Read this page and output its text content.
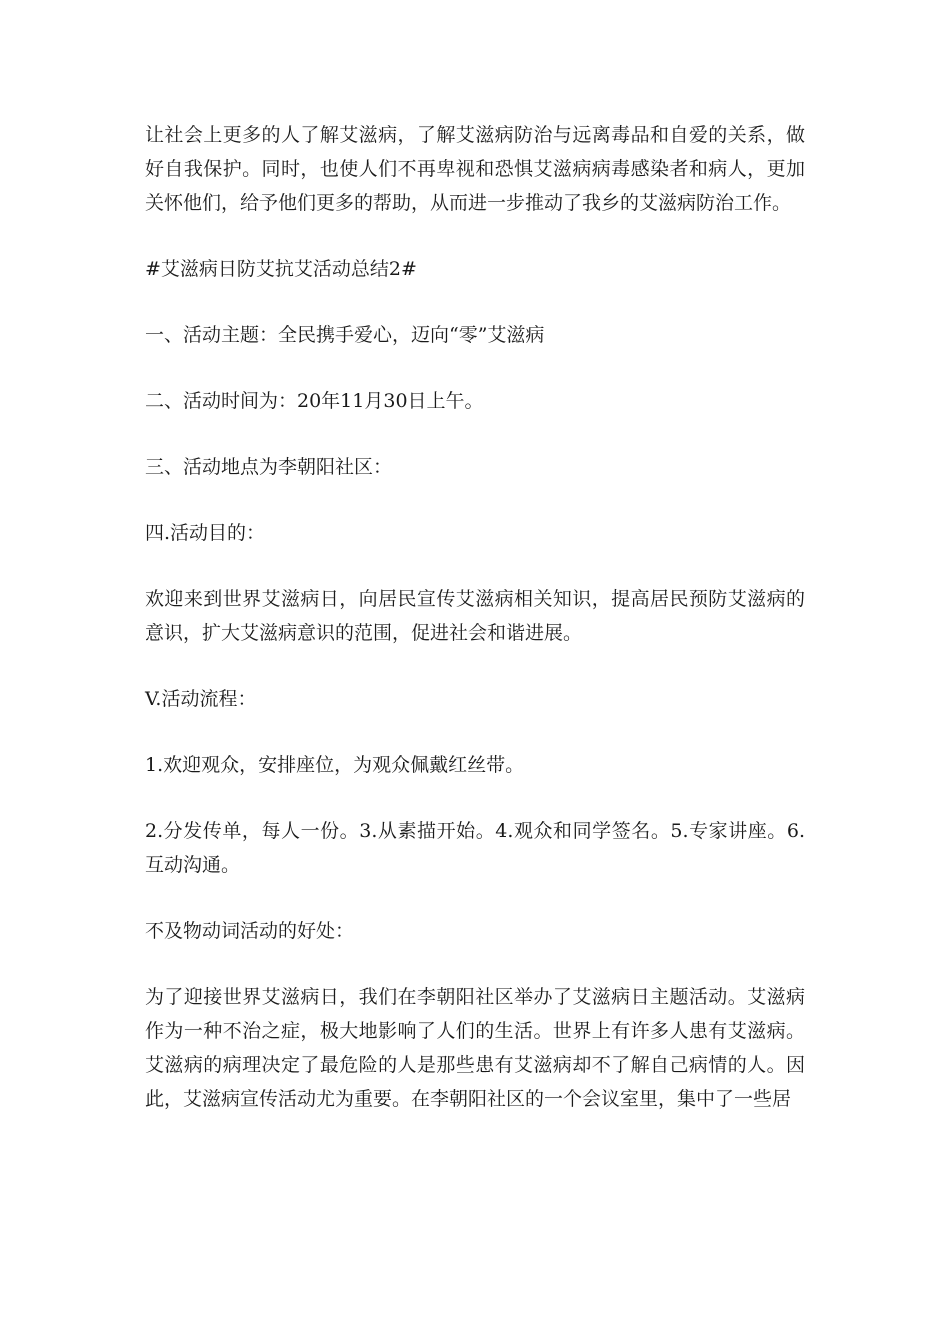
让社会上更多的人了解艾滋病，了解艾滋病防治与远离毒品和自爱的关系，做好自我保护。同时，也使人们不再卑视和恐惧艾滋病病毒感染者和病人，更加关怀他们，给予他们更多的帮助，从而进一步推动了我乡的艾滋病防治工作。

#艾滋病日防艾抗艾活动总结2#

一、活动主题：全民携手爱心，迈向“零”艾滋病

二、活动时间为：20年11月30日上午。

三、活动地点为李朝阳社区：

四.活动目的：

欢迎来到世界艾滋病日，向居民宣传艾滋病相关知识，提高居民预防艾滋病的意识，扩大艾滋病意识的范围，促进社会和谐进展。

V.活动流程：

1.欢迎观众，安排座位，为观众佩戴红丝带。

2.分发传单，每人一份。3.从素描开始。4.观众和同学签名。5.专家讲座。6.互动沟通。

不及物动词活动的好处：

为了迎接世界艾滋病日，我们在李朝阳社区举办了艾滋病日主题活动。艾滋病作为一种不治之症，极大地影响了人们的生活。世界上有许多人患有艾滋病。艾滋病的病理决定了最危险的人是那些患有艾滋病却不了解自己病情的人。因此，艾滋病宣传活动尤为重要。在李朝阳社区的一个会议室里，集中了一些居
